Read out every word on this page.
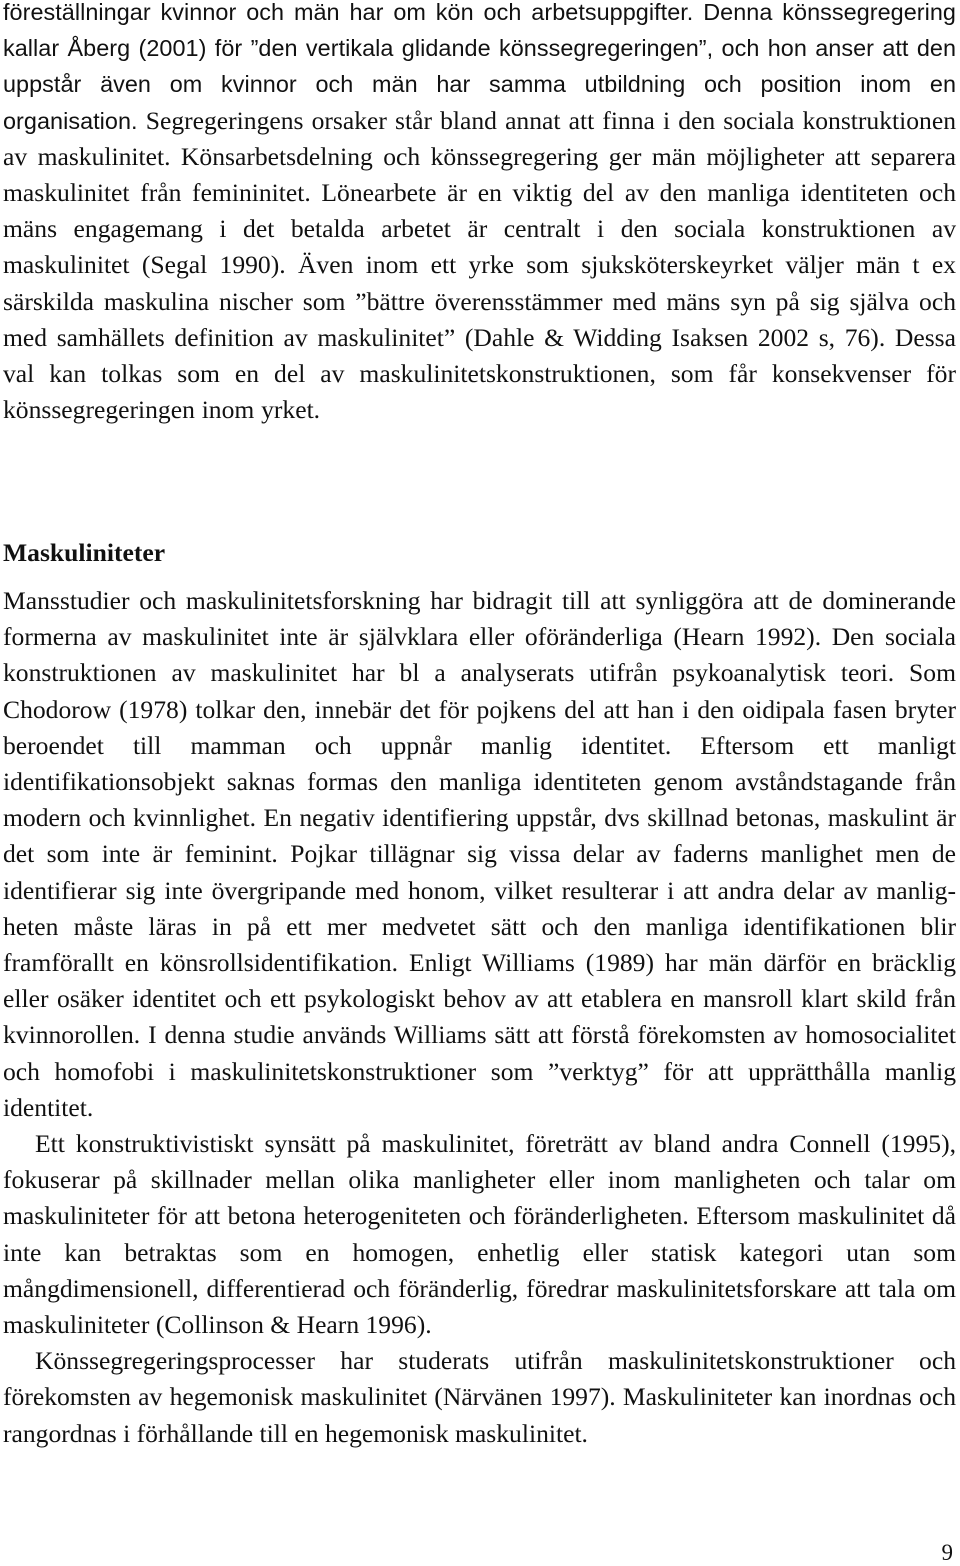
föreställningar kvinnor och män har om kön och arbetsuppgifter. Denna könssegregering kallar Åberg (2001) för ”den vertikala glidande könssegregeringen”, och hon anser att den uppstår även om kvinnor och män har samma utbildning och position inom en organisation. Segregeringens orsaker står bland annat att finna i den sociala konstruktionen av maskulinitet. Könsarbetsdelning och könssegregering ger män möjligheter att separera maskulinitet från femininitet. Lönearbete är en viktig del av den manliga identiteten och mäns engagemang i det betalda arbetet är centralt i den sociala konstruktionen av maskulinitet (Segal 1990). Även inom ett yrke som sjuksköterskeyrket väljer män t ex särskilda maskulina nischer som ”bättre överensstämmer med mäns syn på sig själva och med samhällets definition av maskulinitet” (Dahle & Widding Isaksen 2002 s, 76). Dessa val kan tolkas som en del av maskulinitetskonstruktionen, som får konsekvenser för könssegregeringen inom yrket.

Maskuliniteter

Mansstudier och maskulinitetsforskning har bidragit till att synliggöra att de dominerande formerna av maskulinitet inte är självklara eller oföränderliga (Hearn 1992). Den sociala konstruktionen av maskulinitet har bl a analyserats utifrån psykoanalytisk teori. Som Chodorow (1978) tolkar den, innebär det för pojkens del att han i den oidipala fasen bryter beroendet till mamman och uppnår manlig identitet. Eftersom ett manligt identifikationsobjekt saknas formas den manliga identiteten genom avståndstagande från modern och kvinnlighet. En negativ identifiering uppstår, dvs skillnad betonas, maskulint är det som inte är feminint. Pojkar tillägnar sig vissa delar av faderns manlighet men de identifierar sig inte övergripande med honom, vilket resulterar i att andra delar av manligheten måste läras in på ett mer medvetet sätt och den manliga identifikationen blir framförallt en könsrollsidentifikation. Enligt Williams (1989) har män därför en bräcklig eller osäker identitet och ett psykologiskt behov av att etablera en mansroll klart skild från kvinnorollen. I denna studie används Williams sätt att förstå förekomsten av homosocialitet och homofobi i maskulinitetskonstruktioner som ”verktyg” för att upprätthålla manlig identitet.

Ett konstruktivistiskt synsätt på maskulinitet, företrätt av bland andra Connell (1995), fokuserar på skillnader mellan olika manligheter eller inom manligheten och talar om maskuliniteter för att betona heterogeniteten och föränderligheten. Eftersom maskulinitet då inte kan betraktas som en homogen, enhetlig eller statisk kategori utan som mångdimensionell, differentierad och föränderlig, föredrar maskulinitetsforskare att tala om maskuliniteter (Collinson & Hearn 1996).

Könssegregeringsprocesser har studerats utifrån maskulinitetskonstruktioner och förekomsten av hegemonisk maskulinitet (Närvänen 1997). Maskuliniteter kan inordnas och rangordnas i förhållande till en hegemonisk maskulinitet.

9
